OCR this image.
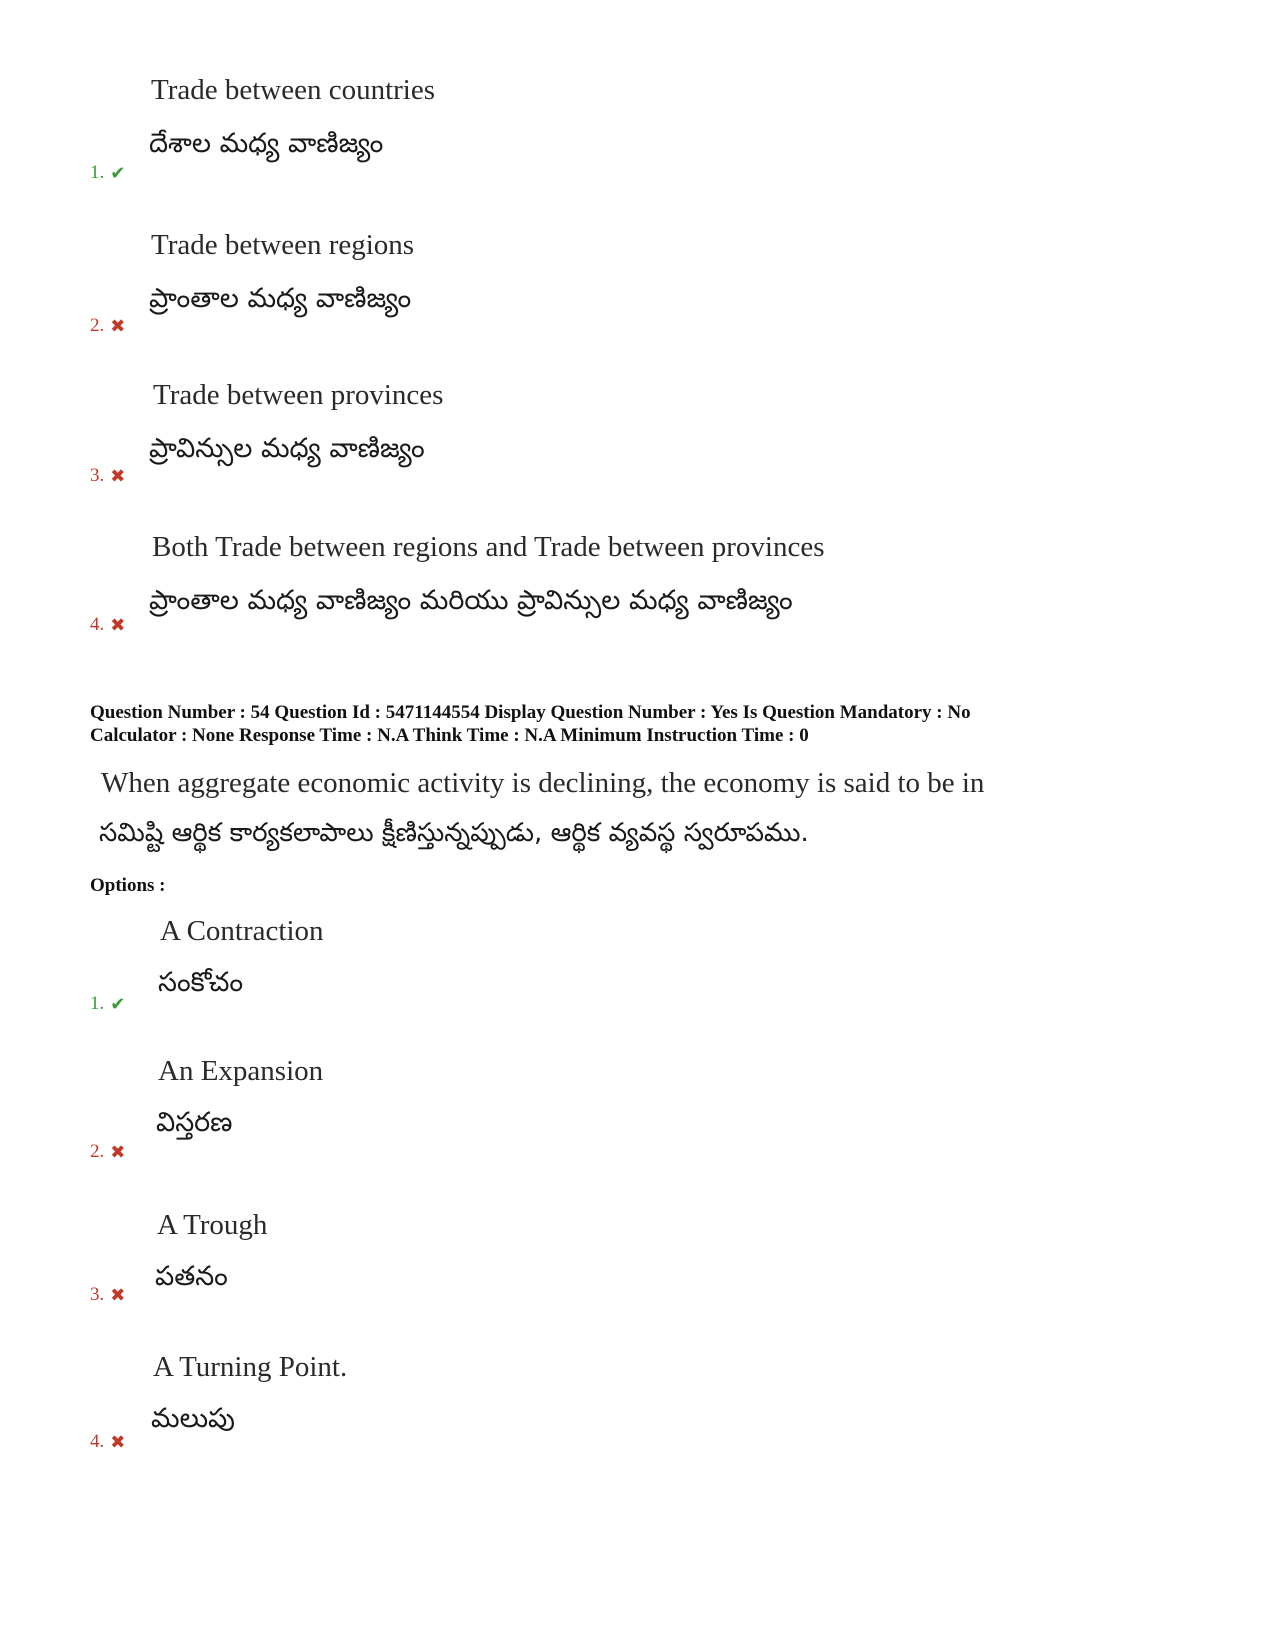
Trade between countries
దేశాల మధ్య వాణిజ్యం
1. ✔
Trade between regions
ప్రాంతాల మధ్య వాణిజ్యం
2. ✖
Trade between provinces
ప్రావిన్సుల మధ్య వాణిజ్యం
3. ✖
Both Trade between regions and Trade between provinces
ప్రాంతాల మధ్య వాణిజ్యం మరియు ప్రావిన్సుల మధ్య వాణిజ్యం
4. ✖
Question Number : 54 Question Id : 5471144554 Display Question Number : Yes Is Question Mandatory : No
Calculator : None Response Time : N.A Think Time : N.A Minimum Instruction Time : 0
When aggregate economic activity is declining, the economy is said to be in
సమిష్టి ఆర్థిక కార్యకలాపాలు క్షీణిస్తున్నప్పుడు, ఆర్థిక వ్యవస్థ స్వరూపము.
Options :
A Contraction
సంకోచం
1. ✔
An Expansion
విస్తరణ
2. ✖
A Trough
పతనం
3. ✖
A Turning Point.
మలుపు
4. ✖
